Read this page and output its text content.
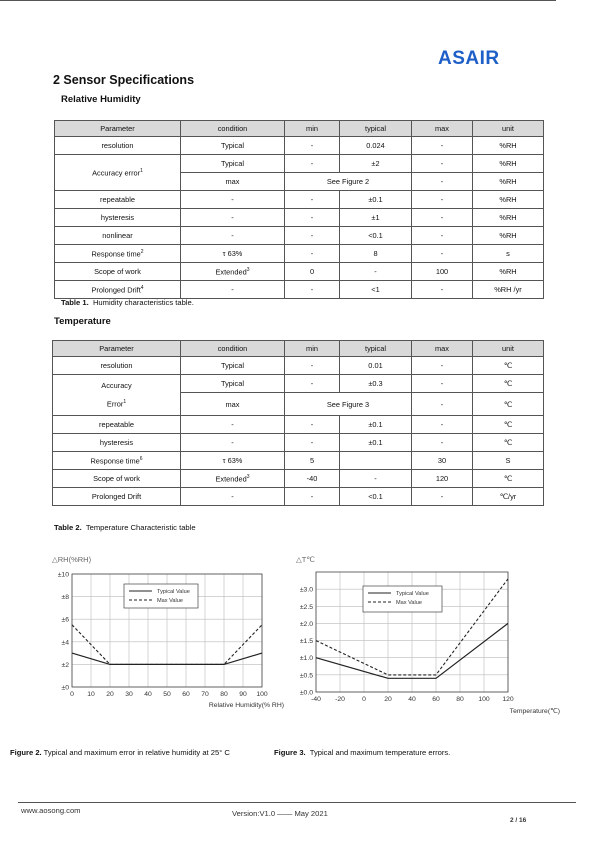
ASAIR
2 Sensor Specifications
Relative Humidity
Parameter	condition	min	typical	max	unit
resolution	Typical	-	0.024	-	%RH
Accuracy error$^1$	Typical	-	±2	-	%RH
	max	See Figure 2		-	%RH
repeatable	-	-	±0.1	-	%RH
hysteresis	-	-	±1	-	%RH
nonlinear	-	-	<0.1	-	%RH
Response time$^2$	τ 63%	-	8	-	s
Scope of work	Extended$^3$	0	-	100	%RH
Prolonged Drift$^4$	-	-	<1	-	%RH /yr
Table 1. Humidity characteristics table.
Temperature
Parameter	condition	min	typical	max	unit
resolution	Typical	-	0.01	-	℃
Accuracy

Error$^1$	Typical	-	±0.3	-	℃
	max	See Figure 3		-	℃
repeatable	-	-	±0.1	-	℃
hysteresis	-	-	±0.1	-	℃
Response time$^6$	τ 63%	5		30	S
Scope of work	Extended$^3$	-40	-	120	℃
Prolonged Drift	-	-	<0.1	-	℃/yr
Table 2. Temperature Characteristic table
△RH(%RH)
0 10 20 30 40 50 60 70 80 90 100
±0
±2
±4
±6
±8
±10
Typical Value
Max Value
Relative Humidity(% RH)
△T℃
-40 -20	0	20 40 60 80 100 120
±0.0
±0.5
±1.0
±1.5
±2.0
±2.5
±3.0
Typical Value
Max Value
Temperature(℃)
Figure 2. Typical and maximum error in relative humidity at 25° C	Figure 3. Typical and maximum temperature errors.
www.aosong.com	Version:V1.0 —— May 2021
2 / 16
